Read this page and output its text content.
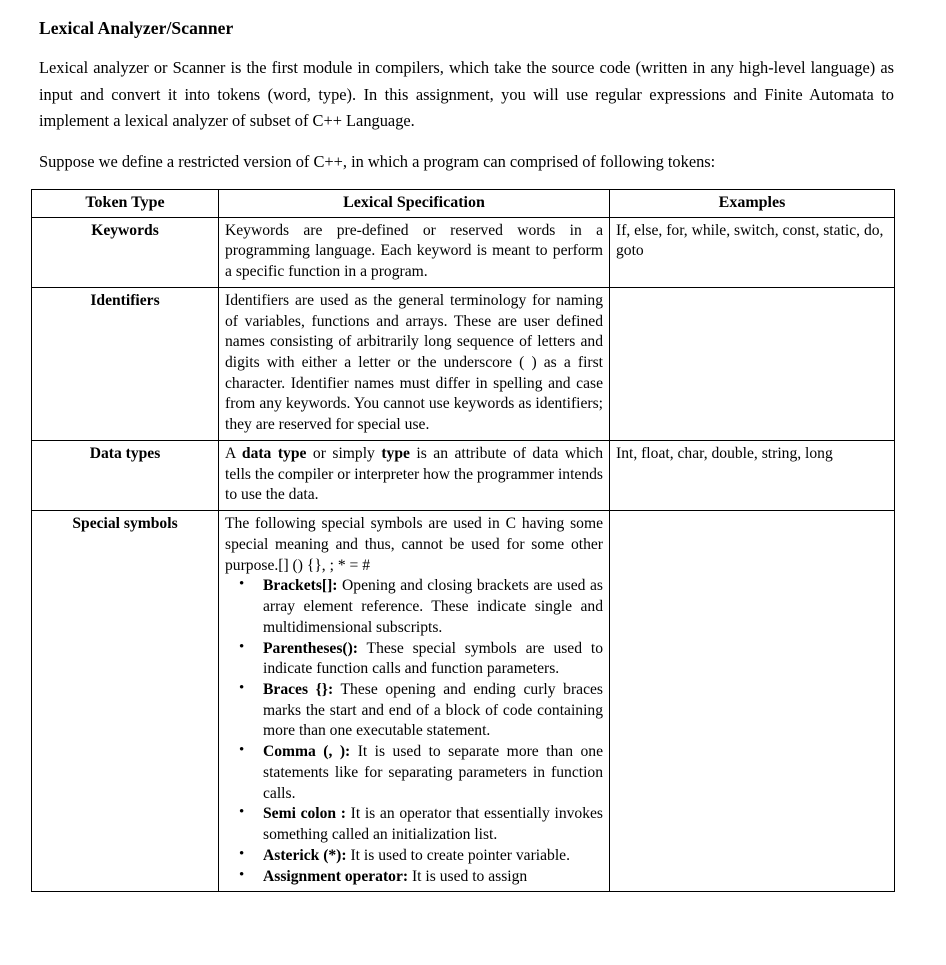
Lexical Analyzer/Scanner

Lexical analyzer or Scanner is the first module in compilers, which take the source code (written in any high-level language) as input and convert it into tokens (word, type). In this assignment, you will use regular expressions and Finite Automata to implement a lexical analyzer of subset of C++ Language.

Suppose we define a restricted version of C++, in which a program can comprised of following tokens:

Token Type	Lexical Specification	Examples
Keywords	Keywords are pre-defined or reserved words in a programming language. Each keyword is meant to perform a specific function in a program.	If, else, for, while, switch, const, static, do, goto
Identifiers	Identifiers are used as the general terminology for naming of variables, functions and arrays. These are user defined names consisting of arbitrarily long sequence of letters and digits with either a letter or the underscore ( ) as a first character. Identifier names must differ in spelling and case from any keywords. You cannot use keywords as identifiers; they are reserved for special use.	
Data types	A data type or simply type is an attribute of data which tells the compiler or interpreter how the programmer intends to use the data.	Int, float, char, double, string, long
Special symbols	The following special symbols are used in C having some special meaning and thus, cannot be used for some other purpose.[] () {}, ; * = #

• Brackets[]: Opening and closing brackets are used as array element reference. These indicate single and multidimensional subscripts.
• Parentheses(): These special symbols are used to indicate function calls and function parameters.
• Braces {}: These opening and ending curly braces marks the start and end of a block of code containing more than one executable statement.
• Comma (, ): It is used to separate more than one statements like for separating parameters in function calls.
• Semi colon : It is an operator that essentially invokes something called an initialization list.
• Asterick (*): It is used to create pointer variable.
• Assignment operator: It is used to assign
